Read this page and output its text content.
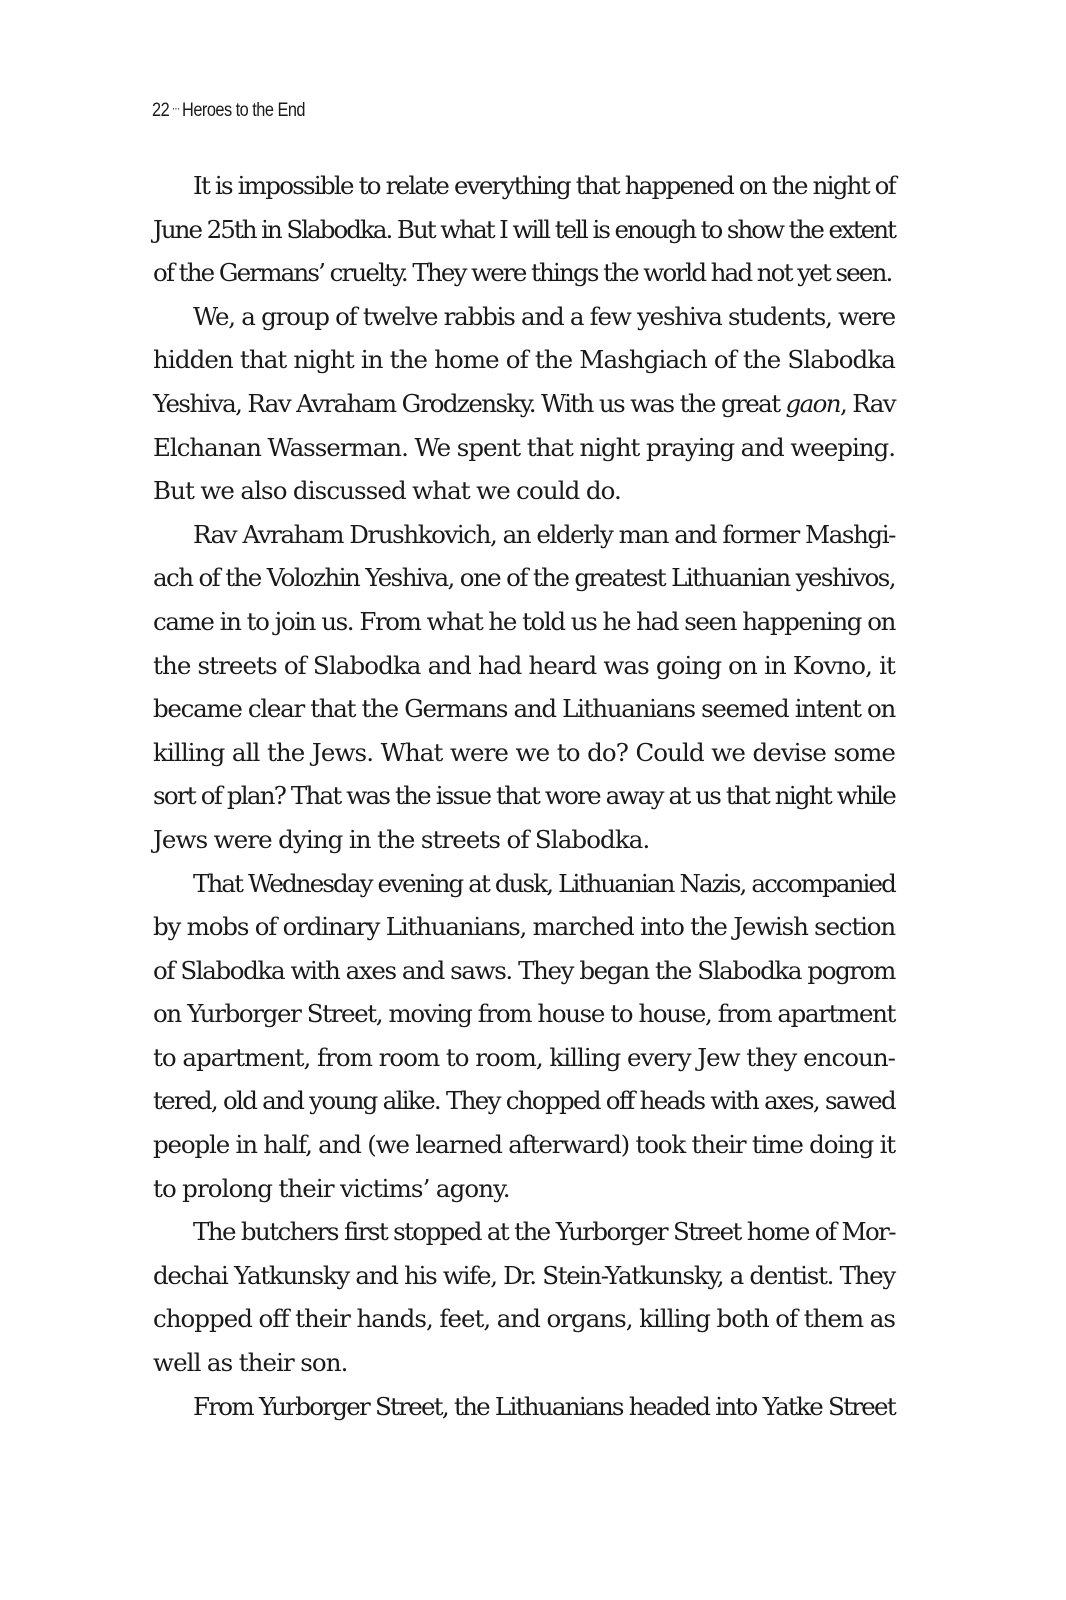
22 ··· Heroes to the End
It is impossible to relate everything that happened on the night of
June 25th in Slabodka. But what I will tell is enough to show the extent
of the Germans’ cruelty. They were things the world had not yet seen.
We, a group of twelve rabbis and a few yeshiva students, were
hidden that night in the home of the Mashgiach of the Slabodka
Yeshiva, Rav Avraham Grodzensky. With us was the great gaon, Rav
Elchanan Wasserman. We spent that night praying and weeping.
But we also discussed what we could do.
Rav Avraham Drushkovich, an elderly man and former Mashgi-
ach of the Volozhin Yeshiva, one of the greatest Lithuanian yeshivos,
came in to join us. From what he told us he had seen happening on
the streets of Slabodka and had heard was going on in Kovno, it
became clear that the Germans and Lithuanians seemed intent on
killing all the Jews. What were we to do? Could we devise some
sort of plan? That was the issue that wore away at us that night while
Jews were dying in the streets of Slabodka.
That Wednesday evening at dusk, Lithuanian Nazis, accompanied
by mobs of ordinary Lithuanians, marched into the Jewish section
of Slabodka with axes and saws. They began the Slabodka pogrom
on Yurborger Street, moving from house to house, from apartment
to apartment, from room to room, killing every Jew they encoun-
tered, old and young alike. They chopped off heads with axes, sawed
people in half, and (we learned afterward) took their time doing it
to prolong their victims’ agony.
The butchers first stopped at the Yurborger Street home of Mor-
dechai Yatkunsky and his wife, Dr. Stein-Yatkunsky, a dentist. They
chopped off their hands, feet, and organs, killing both of them as
well as their son.
From Yurborger Street, the Lithuanians headed into Yatke Street
